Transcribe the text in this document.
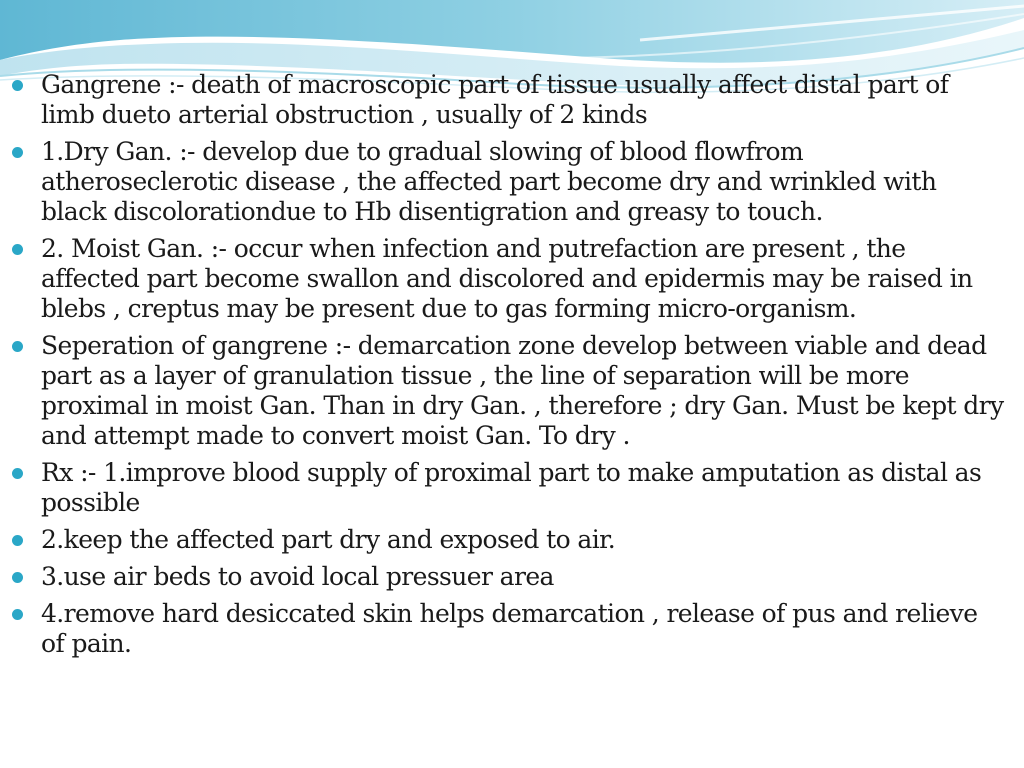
Gangrene :- death of macroscopic part of tissue usually affect distal part of limb dueto arterial obstruction , usually of 2 kinds
1.Dry Gan. :- develop due to gradual slowing of blood flowfrom atheroseclerotic disease , the affected part become dry and wrinkled with black discolorationdue to Hb disentigration and greasy to touch.
2. Moist Gan. :- occur when infection and putrefaction are present , the affected part become swallon and discolored and epidermis may be raised in blebs , creptus may be present due to gas forming micro-organism.
Seperation of gangrene :- demarcation zone develop between viable and dead part as a layer of granulation tissue , the line of separation will be more proximal in moist Gan. Than in dry Gan. , therefore ; dry Gan. Must be kept dry and attempt made to convert moist Gan. To dry .
Rx :- 1.improve blood supply of proximal part to make amputation as distal as possible
2.keep the affected part dry and exposed to air.
3.use air beds to avoid local pressuer area
4.remove hard desiccated skin helps demarcation , release of pus and relieve of pain.
